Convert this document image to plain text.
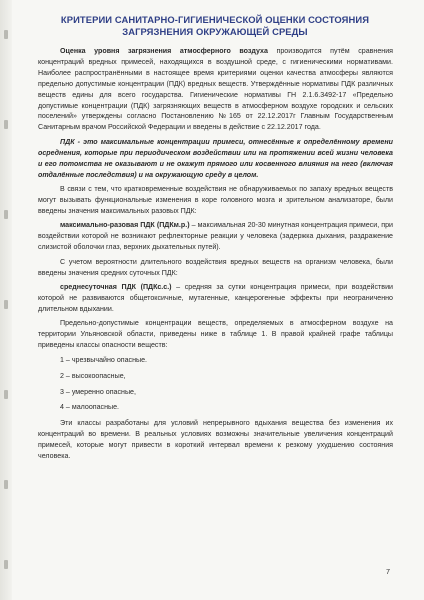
КРИТЕРИИ САНИТАРНО-ГИГИЕНИЧЕСКОЙ ОЦЕНКИ СОСТОЯНИЯ
ЗАГРЯЗНЕНИЯ ОКРУЖАЮЩЕЙ СРЕДЫ

Оценка уровня загрязнения атмосферного воздуха производится путём сравнения концентраций вредных примесей, находящихся в воздушной среде, с гигиеническими нормативами. Наиболее распространёнными в настоящее время критериями оценки качества атмосферы являются предельно допустимые концентрации (ПДК) вредных веществ. Утверждённые нормативы ПДК различных веществ едины для всего государства. Гигиенические нормативы ГН 2.1.6.3492-17 «Предельно допустимые концентрации (ПДК) загрязняющих веществ в атмосферном воздухе городских и сельских поселений» утверждены согласно Постановлению №165 от 22.12.2017г Главным Государственным Санитарным врачом Российской Федерации и введены в действие с 22.12.2017 года.

ПДК - это максимальные концентрации примеси, отнесённые к определённому времени осреднения, которые при периодическом воздействии или на протяжении всей жизни человека и его потомства не оказывают и не окажут прямого или косвенного влияния на него (включая отдалённые последствия) и на окружающую среду в целом.

В связи с тем, что кратковременные воздействия не обнаруживаемых по запаху вредных веществ могут вызывать функциональные изменения в коре головного мозга и зрительном анализаторе, были введены значения максимальных разовых ПДК:

максимально-разовая ПДК (ПДКм.р.) – максимальная 20-30 минутная концентрация примеси, при воздействии которой не возникают рефлекторные реакции у человека (задержка дыхания, раздражение слизистой оболочки глаз, верхних дыхательных путей).

С учетом вероятности длительного воздействия вредных веществ на организм человека, были введены значения средних суточных ПДК:

среднесуточная ПДК (ПДКс.с.) – средняя за сутки концентрация примеси, при воздействии которой не развиваются общетоксичные, мутагенные, канцерогенные эффекты при неограниченно длительном вдыхании.

Предельно-допустимые концентрации веществ, определяемых в атмосферном воздухе на территории Ульяновской области, приведены ниже в таблице 1. В правой крайней графе таблицы приведены классы опасности веществ:

1 – чрезвычайно опасные.
2 – высокоопасные,
3 – умеренно опасные,
4 – малоопасные.

Эти классы разработаны для условий непрерывного вдыхания вещества без изменения их концентраций во времени. В реальных условиях возможны значительные увеличения концентраций примесей, которые могут привести в короткий интервал времени к резкому ухудшению состояния человека.

7
